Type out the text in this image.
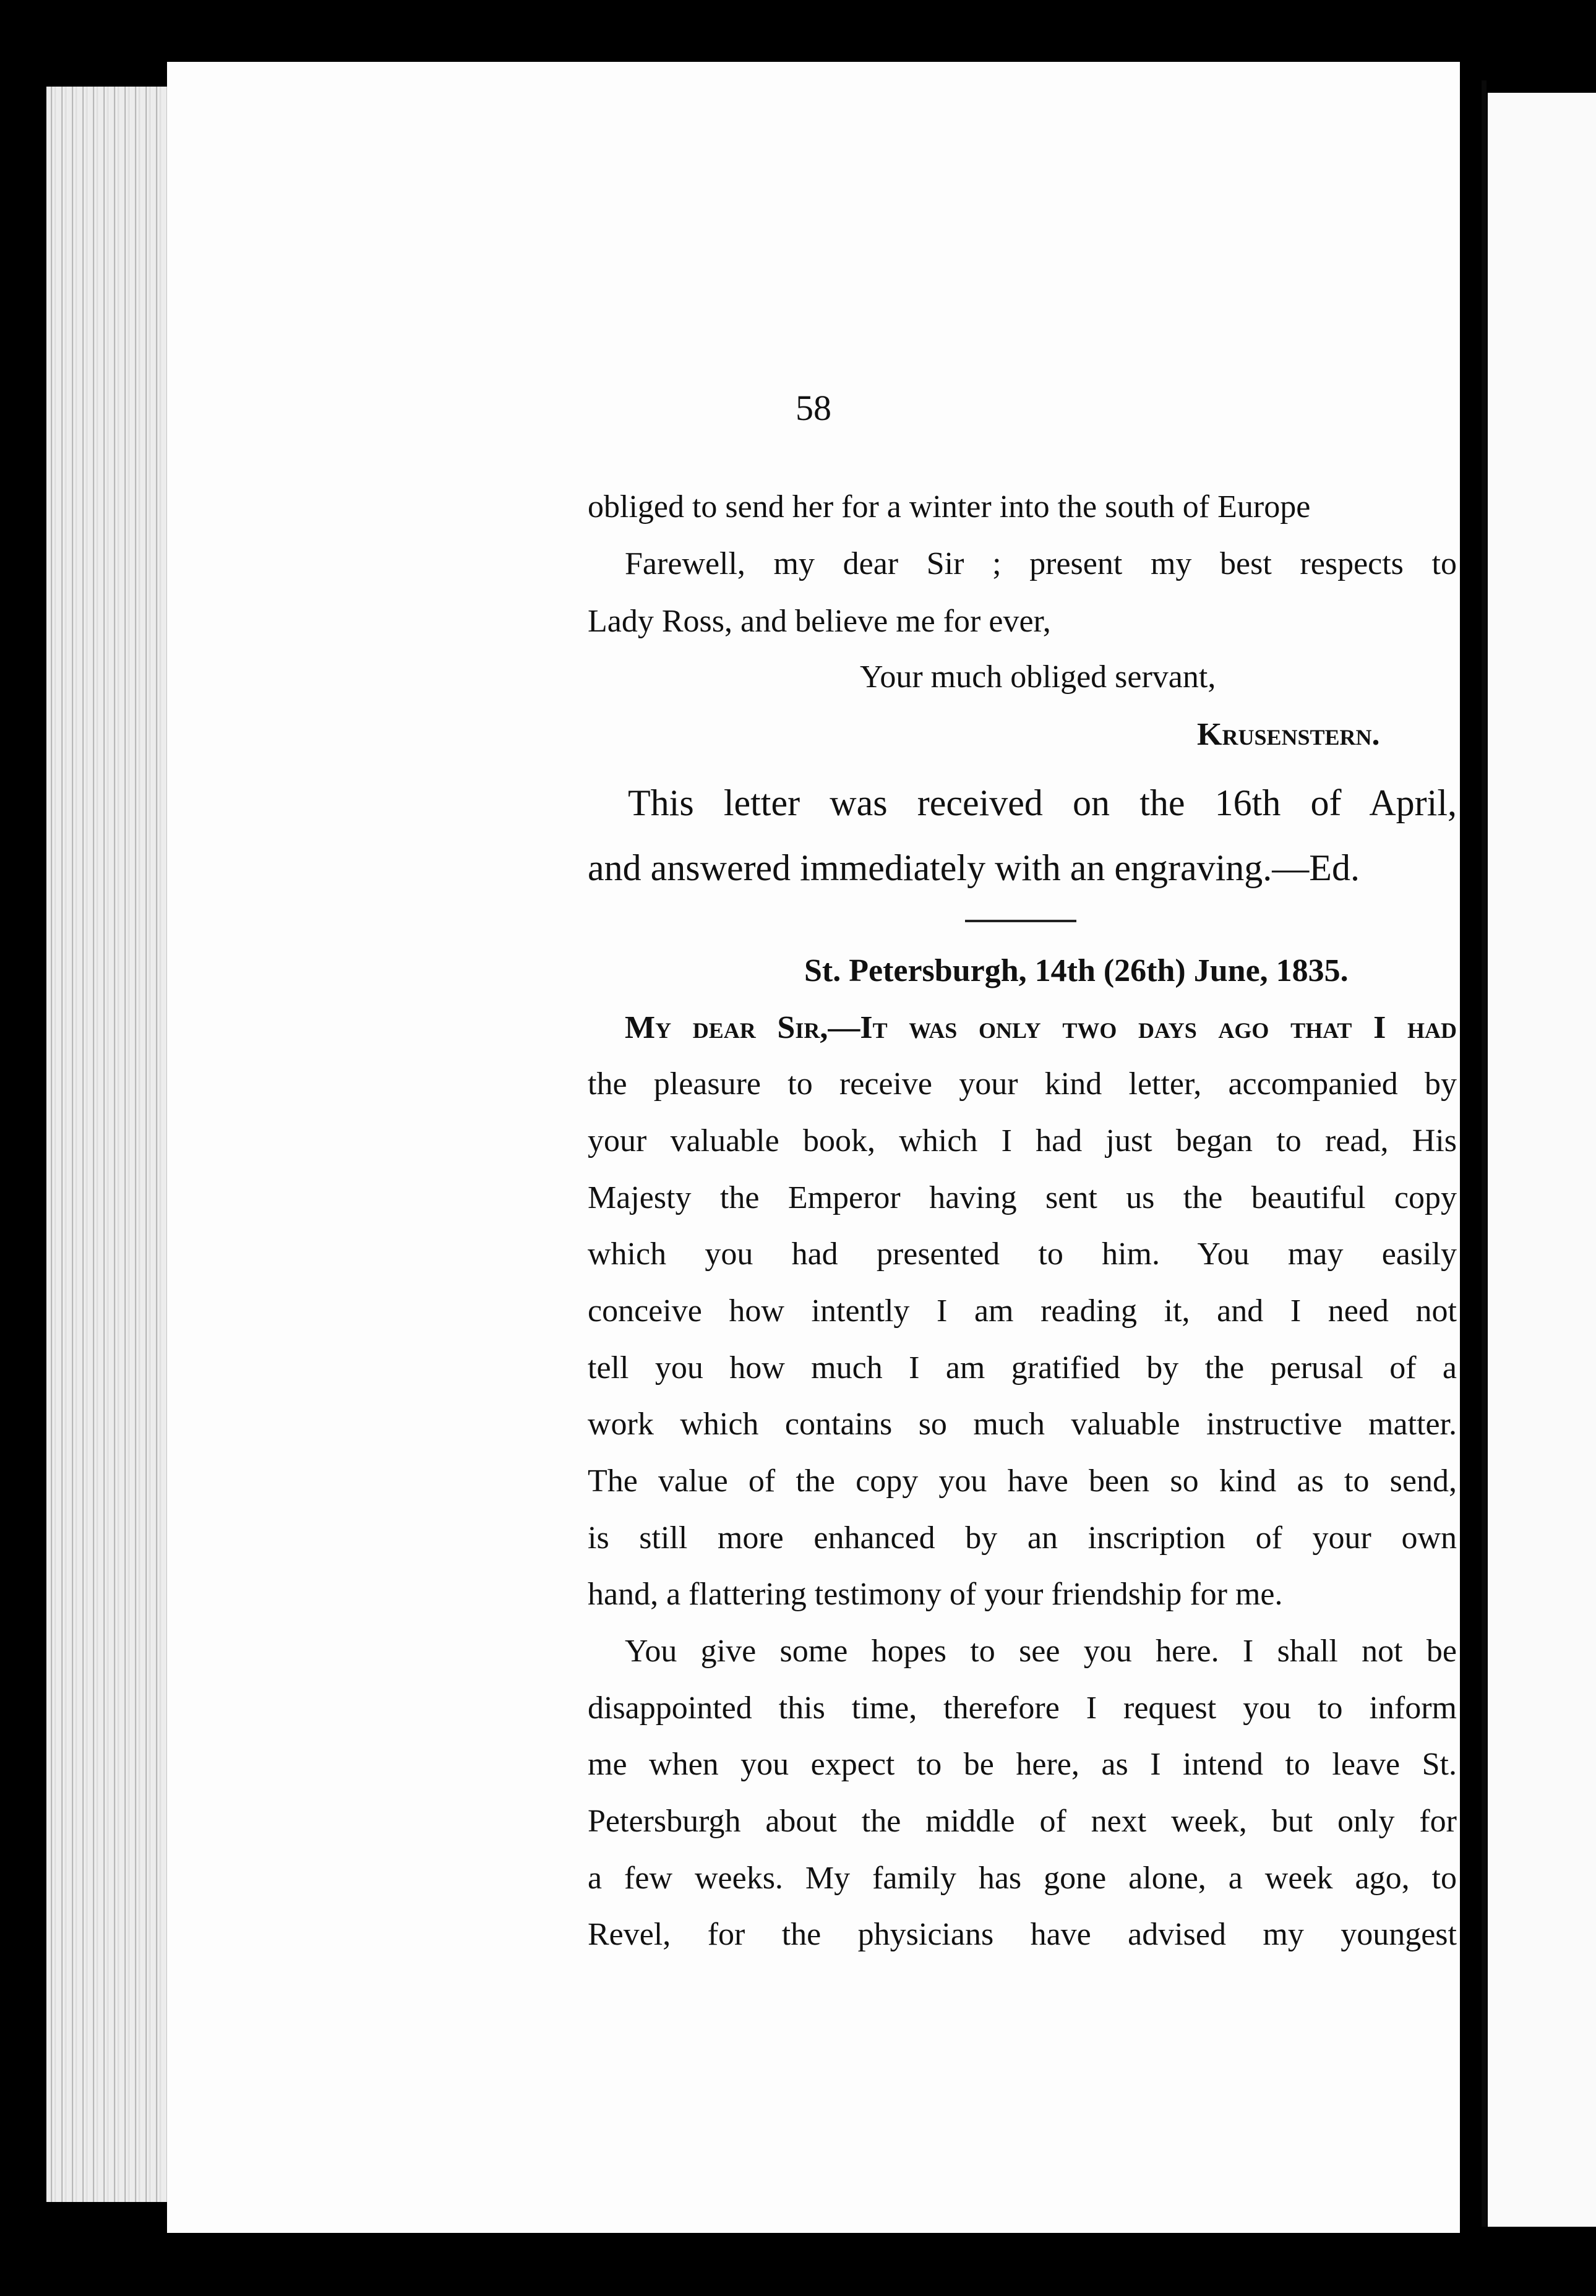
58
obliged to send her for a winter into the south of Europe
Farewell, my dear Sir ; present my best respects to
Lady Ross, and believe me for ever,
Your much obliged servant,
Krusenstern.
This letter was received on the 16th of April,
and answered immediately with an engraving.—Ed.
St. Petersburgh, 14th (26th) June, 1835.
My dear Sir,—It was only two days ago that I had
the pleasure to receive your kind letter, accompanied by
your valuable book, which I had just began to read, His
Majesty the Emperor having sent us the beautiful copy
which you had presented to him. You may easily
conceive how intently I am reading it, and I need not
tell you how much I am gratified by the perusal of a
work which contains so much valuable instructive matter.
The value of the copy you have been so kind as to send,
is still more enhanced by an inscription of your own
hand, a flattering testimony of your friendship for me.
You give some hopes to see you here. I shall not be
disappointed this time, therefore I request you to inform
me when you expect to be here, as I intend to leave St.
Petersburgh about the middle of next week, but only for
a few weeks. My family has gone alone, a week ago, to
Revel, for the physicians have advised my youngest
